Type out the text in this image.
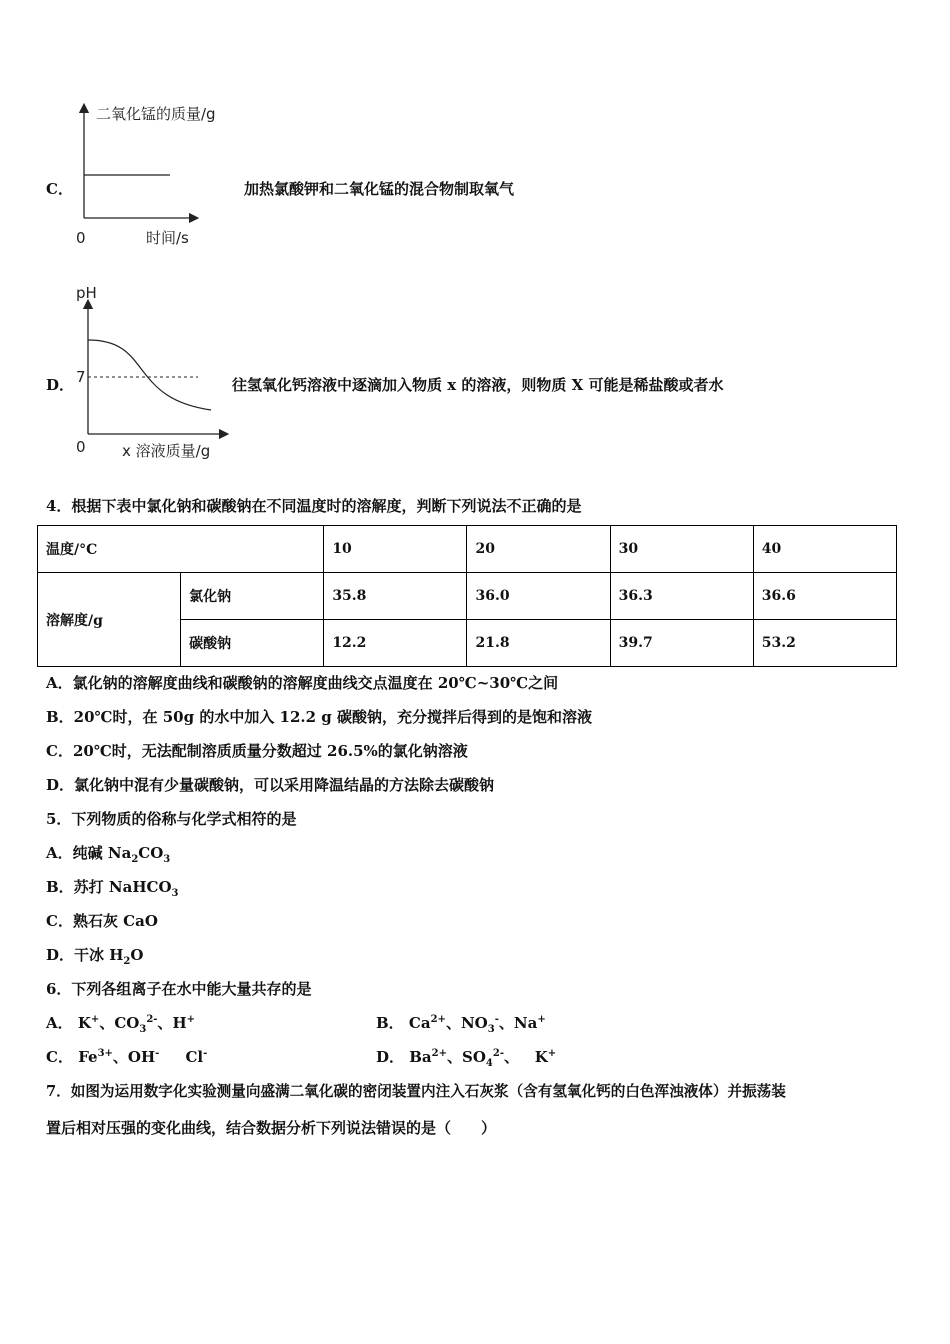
C．
二氧化锰的质量/g
0	时间/s
加热氯酸钾和二氧化锰的混合物制取氧气
D．
pH
7
0 x 溶液质量/g
往氢氧化钙溶液中逐滴加入物质 x 的溶液，则物质 X 可能是稀盐酸或者水
4．根据下表中氯化钠和碳酸钠在不同温度时的溶解度，判断下列说法不正确的是
温度/°C		10	20	30	40
溶解度/g	氯化钠	35.8	36.0	36.3	36.6
	碳酸钠	12.2	21.8	39.7	53.2
A．氯化钠的溶解度曲线和碳酸钠的溶解度曲线交点温度在 20℃~30℃之间
B．20℃时，在 50g 的水中加入 12.2 g 碳酸钠，充分搅拌后得到的是饱和溶液
C．20℃时，无法配制溶质质量分数超过 26.5%的氯化钠溶液
D．氯化钠中混有少量碳酸钠，可以采用降温结晶的方法除去碳酸钠
5．下列物质的俗称与化学式相符的是
A．纯碱 $Na_2CO_3$
B．苏打 NaHCO$_3$
C．熟石灰 CaO
D．干冰 $H_2O$
6．下列各组离子在水中能大量共存的是
A． K+、$CO_3^{2-}$、H+	B． $Ca^{2+}$、$NO_3^-$、Na+
C． $Fe^{3+}$、OH- Cl-	D． $Ba^{2+}$、$SO_4^{2-}$、 K+
7．如图为运用数字化实验测量向盛满二氧化碳的密闭装置内注入石灰浆（含有氢氧化钙的白色浑浊液体）并振荡装
置后相对压强的变化曲线，结合数据分析下列说法错误的是（　　）
